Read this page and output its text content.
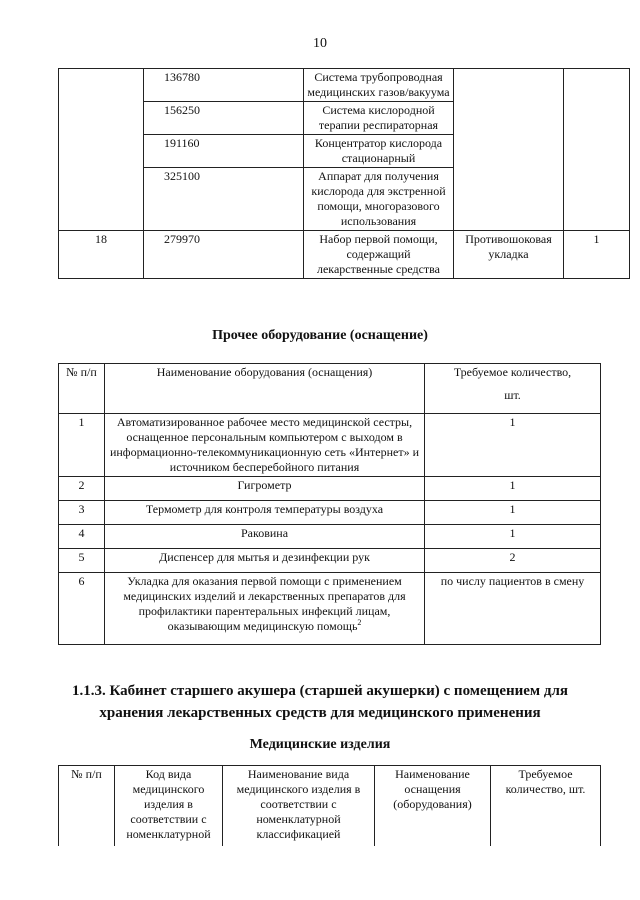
10
	136780	Система трубопроводная медицинских газов/вакуума		
	156250	Система кислородной терапии респираторная		
	191160	Концентратор кислорода стационарный		
	325100	Аппарат для получения кислорода для экстренной помощи, многоразового использования		
18	279970	Набор первой помощи, содержащий лекарственные средства	Противошоковая укладка	1
Прочее оборудование (оснащение)
№ п/п	Наименование оборудования (оснащения)	Требуемое количество,
шт.

1	Автоматизированное рабочее место медицинской сестры, оснащенное персональным компьютером с выходом в информационно-телекоммуникационную сеть «Интернет» и источником бесперебойного питания	1
2	Гигрометр	1
3	Термометр для контроля температуры воздуха	1
4	Раковина	1
5	Диспенсер для мытья и дезинфекции рук	2
6	Укладка для оказания первой помощи с применением медицинских изделий и лекарственных препаратов для профилактики парентеральных инфекций лицам, оказывающим медицинскую помощь$^2$	по числу пациентов в смену
1.1.3. Кабинет старшего акушера (старшей акушерки) с помещением для
хранения лекарственных средств для медицинского применения
Медицинские изделия
№ п/п	Код вида медицинского изделия в соответствии с номенклатурной	Наименование вида медицинского изделия в соответствии с номенклатурной классификацией	Наименование оснащения (оборудования)	Требуемое количество, шт.
